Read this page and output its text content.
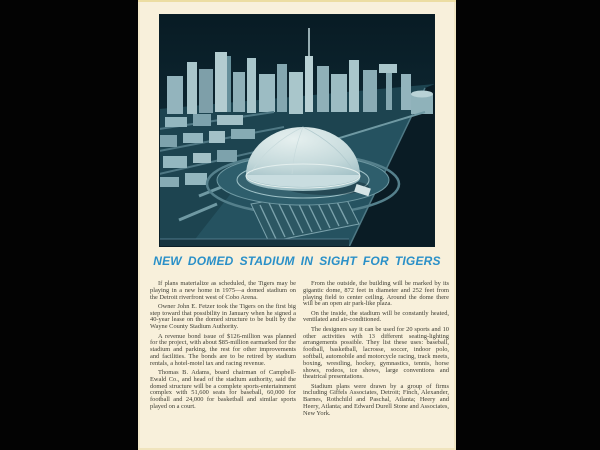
NEW DOMED STADIUM IN SIGHT FOR TIGERS

If plans materialize as scheduled, the Tigers may be playing in a new home in 1975—a domed stadium on the Detroit riverfront west of Cobo Arena.

Owner John E. Fetzer took the Tigers on the first big step toward that possibility in January when he signed a 40-year lease on the domed structure to be built by the Wayne County Stadium Authority.

A revenue bond issue of $126-million was planned for the project, with about $85-million earmarked for the stadium and parking, the rest for other improvements and facilities. The bonds are to be retired by stadium rentals, a hotel-motel tax and racing revenue.

Thomas B. Adams, board chairman of Campbell-Ewald Co., and head of the stadium authority, said the domed structure will be a complete sports-entertainment complex with 51,600 seats for baseball, 60,000 for football and 24,000 for basketball and similar sports played on a court.

From the outside, the building will be marked by its gigantic dome, 872 feet in diameter and 252 feet from playing field to center ceiling. Around the dome there will be an open air park-like plaza.

On the inside, the stadium will be constantly heated, ventilated and air-conditioned.

The designers say it can be used for 20 sports and 10 other activities with 13 different seating-lighting arrangements possible. They list these uses: baseball, football, basketball, lacrosse, soccer, indoor polo, softball, automobile and motorcycle racing, track meets, boxing, wrestling, hockey, gymnastics, tennis, horse shows, rodeos, ice shows, large conventions and theatrical presentations.

Stadium plans were drawn by a group of firms including Giffels Associates, Detroit; Finch, Alexander, Barnes, Rothchild and Paschal, Atlanta; Heery and Heery, Atlanta; and Edward Durell Stone and Associates, New York.
